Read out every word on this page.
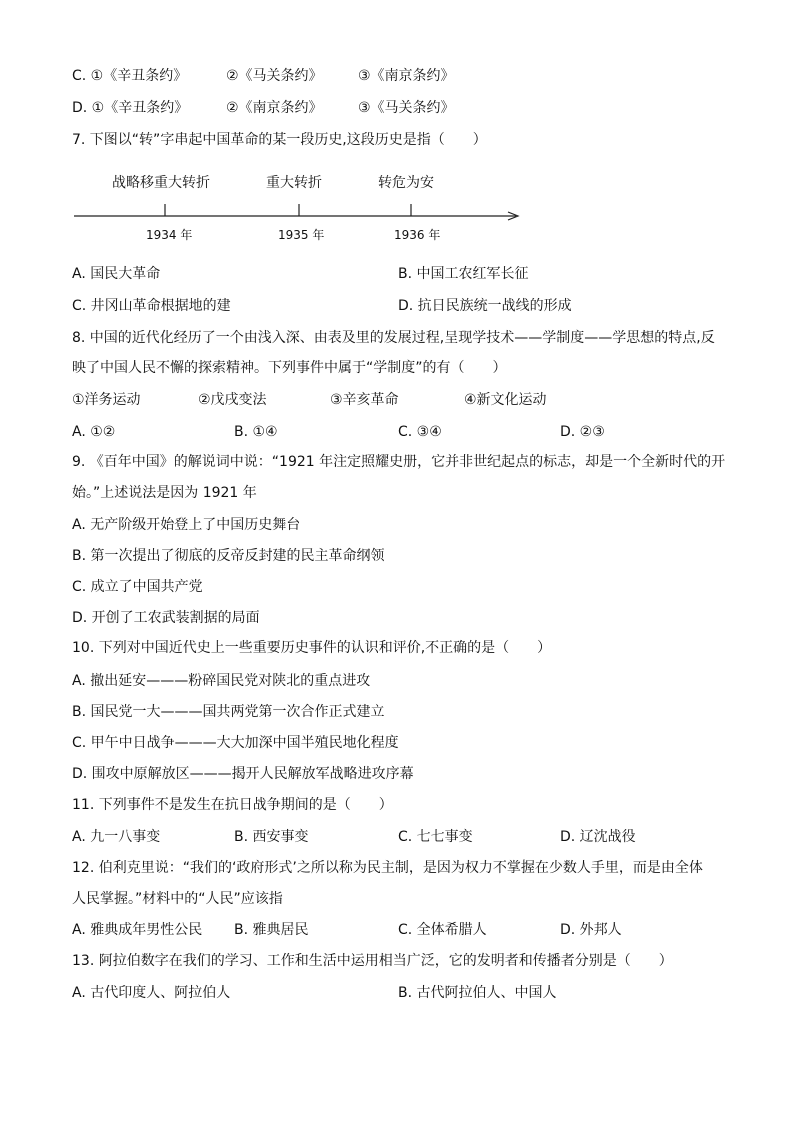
C. ①《辛丑条约》	②《马关条约》	③《南京条约》
D. ①《辛丑条约》	②《南京条约》	③《马关条约》
7. 下图以“转”字串起中国革命的某一段历史,这段历史是指（　　）
战略移重大转折	重大转折	转危为安
1934 年	1935 年	1936 年
A. 国民大革命	B. 中国工农红军长征
C. 井冈山革命根据地的建	D. 抗日民族统一战线的形成
8. 中国的近代化经历了一个由浅入深、由表及里的发展过程,呈现学技术——学制度——学思想的特点,反
映了中国人民不懈的探索精神。下列事件中属于“学制度”的有（　　）
①洋务运动	②戊戌变法	③辛亥革命	④新文化运动
A. ①②	B. ①④	C. ③④	D. ②③
9. 《百年中国》的解说词中说：“1921 年注定照耀史册，它并非世纪起点的标志，却是一个全新时代的开
始。”上述说法是因为 1921 年
A. 无产阶级开始登上了中国历史舞台
B. 第一次提出了彻底的反帝反封建的民主革命纲领
C. 成立了中国共产党
D. 开创了工农武装割据的局面
10. 下列对中国近代史上一些重要历史事件的认识和评价,不正确的是（　　）
A. 撤出延安———粉碎国民党对陕北的重点进攻
B. 国民党一大———国共两党第一次合作正式建立
C. 甲午中日战争———大大加深中国半殖民地化程度
D. 围攻中原解放区———揭开人民解放军战略进攻序幕
11. 下列事件不是发生在抗日战争期间的是（　　）
A. 九一八事变	B. 西安事变	C. 七七事变	D. 辽沈战役
12. 伯利克里说：“我们的‘政府形式’之所以称为民主制，是因为权力不掌握在少数人手里，而是由全体
人民掌握。”材料中的“人民”应该指
A. 雅典成年男性公民 B. 雅典居民	C. 全体希腊人	D. 外邦人
13. 阿拉伯数字在我们的学习、工作和生活中运用相当广泛，它的发明者和传播者分别是（　　）
A. 古代印度人、阿拉伯人	B. 古代阿拉伯人、中国人
